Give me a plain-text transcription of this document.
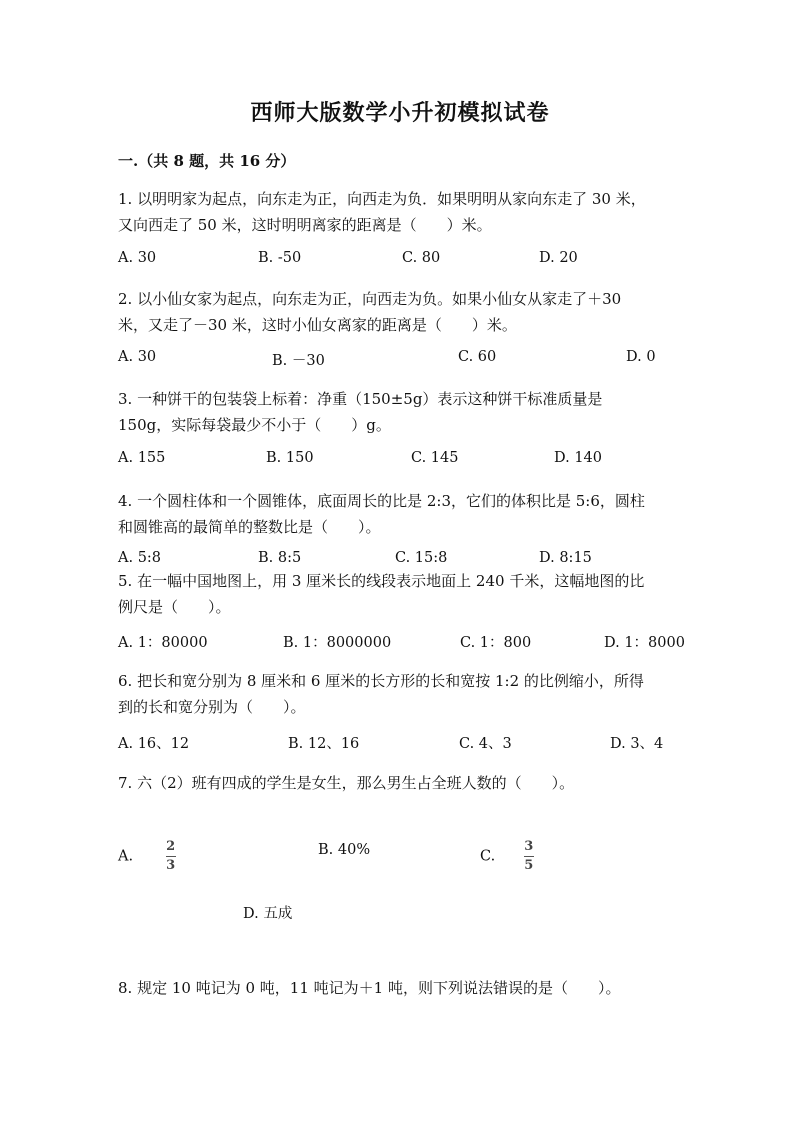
西师大版数学小升初模拟试卷
一.（共 8 题，共 16 分）
1. 以明明家为起点，向东走为正，向西走为负．如果明明从家向东走了 30 米，
又向西走了 50 米，这时明明离家的距离是（　　）米。
A. 30	B. -50	C. 80	D. 20
2. 以小仙女家为起点，向东走为正，向西走为负。如果小仙女从家走了＋30
米，又走了－30 米，这时小仙女离家的距离是（　　）米。
A. 30	B. －30	C. 60	D. 0
3. 一种饼干的包装袋上标着：净重（150±5g）表示这种饼干标准质量是
150g，实际每袋最少不小于（　　）g。
A. 155	B. 150	C. 145	D. 140
4. 一个圆柱体和一个圆锥体，底面周长的比是 2:3，它们的体积比是 5:6，圆柱
和圆锥高的最简单的整数比是（　　）。
A. 5:8	B. 8:5	C. 15:8	D. 8:15
5. 在一幅中国地图上，用 3 厘米长的线段表示地面上 240 千米，这幅地图的比
例尺是（　　）。
A. 1：80000	B. 1：8000000	C. 1：800	D. 1：8000
6. 把长和宽分别为 8 厘米和 6 厘米的长方形的长和宽按 1:2 的比例缩小，所得
到的长和宽分别为（　　）。
A. 16、12	B. 12、16	C. 4、3	D. 3、4
7. 六（2）班有四成的学生是女生，那么男生占全班人数的（　　）。
A.	$\frac{2}{3}$	B. 40%	C. $\frac{3}{5}$
D. 五成
8. 规定 10 吨记为 0 吨，11 吨记为＋1 吨，则下列说法错误的是（　　）。
